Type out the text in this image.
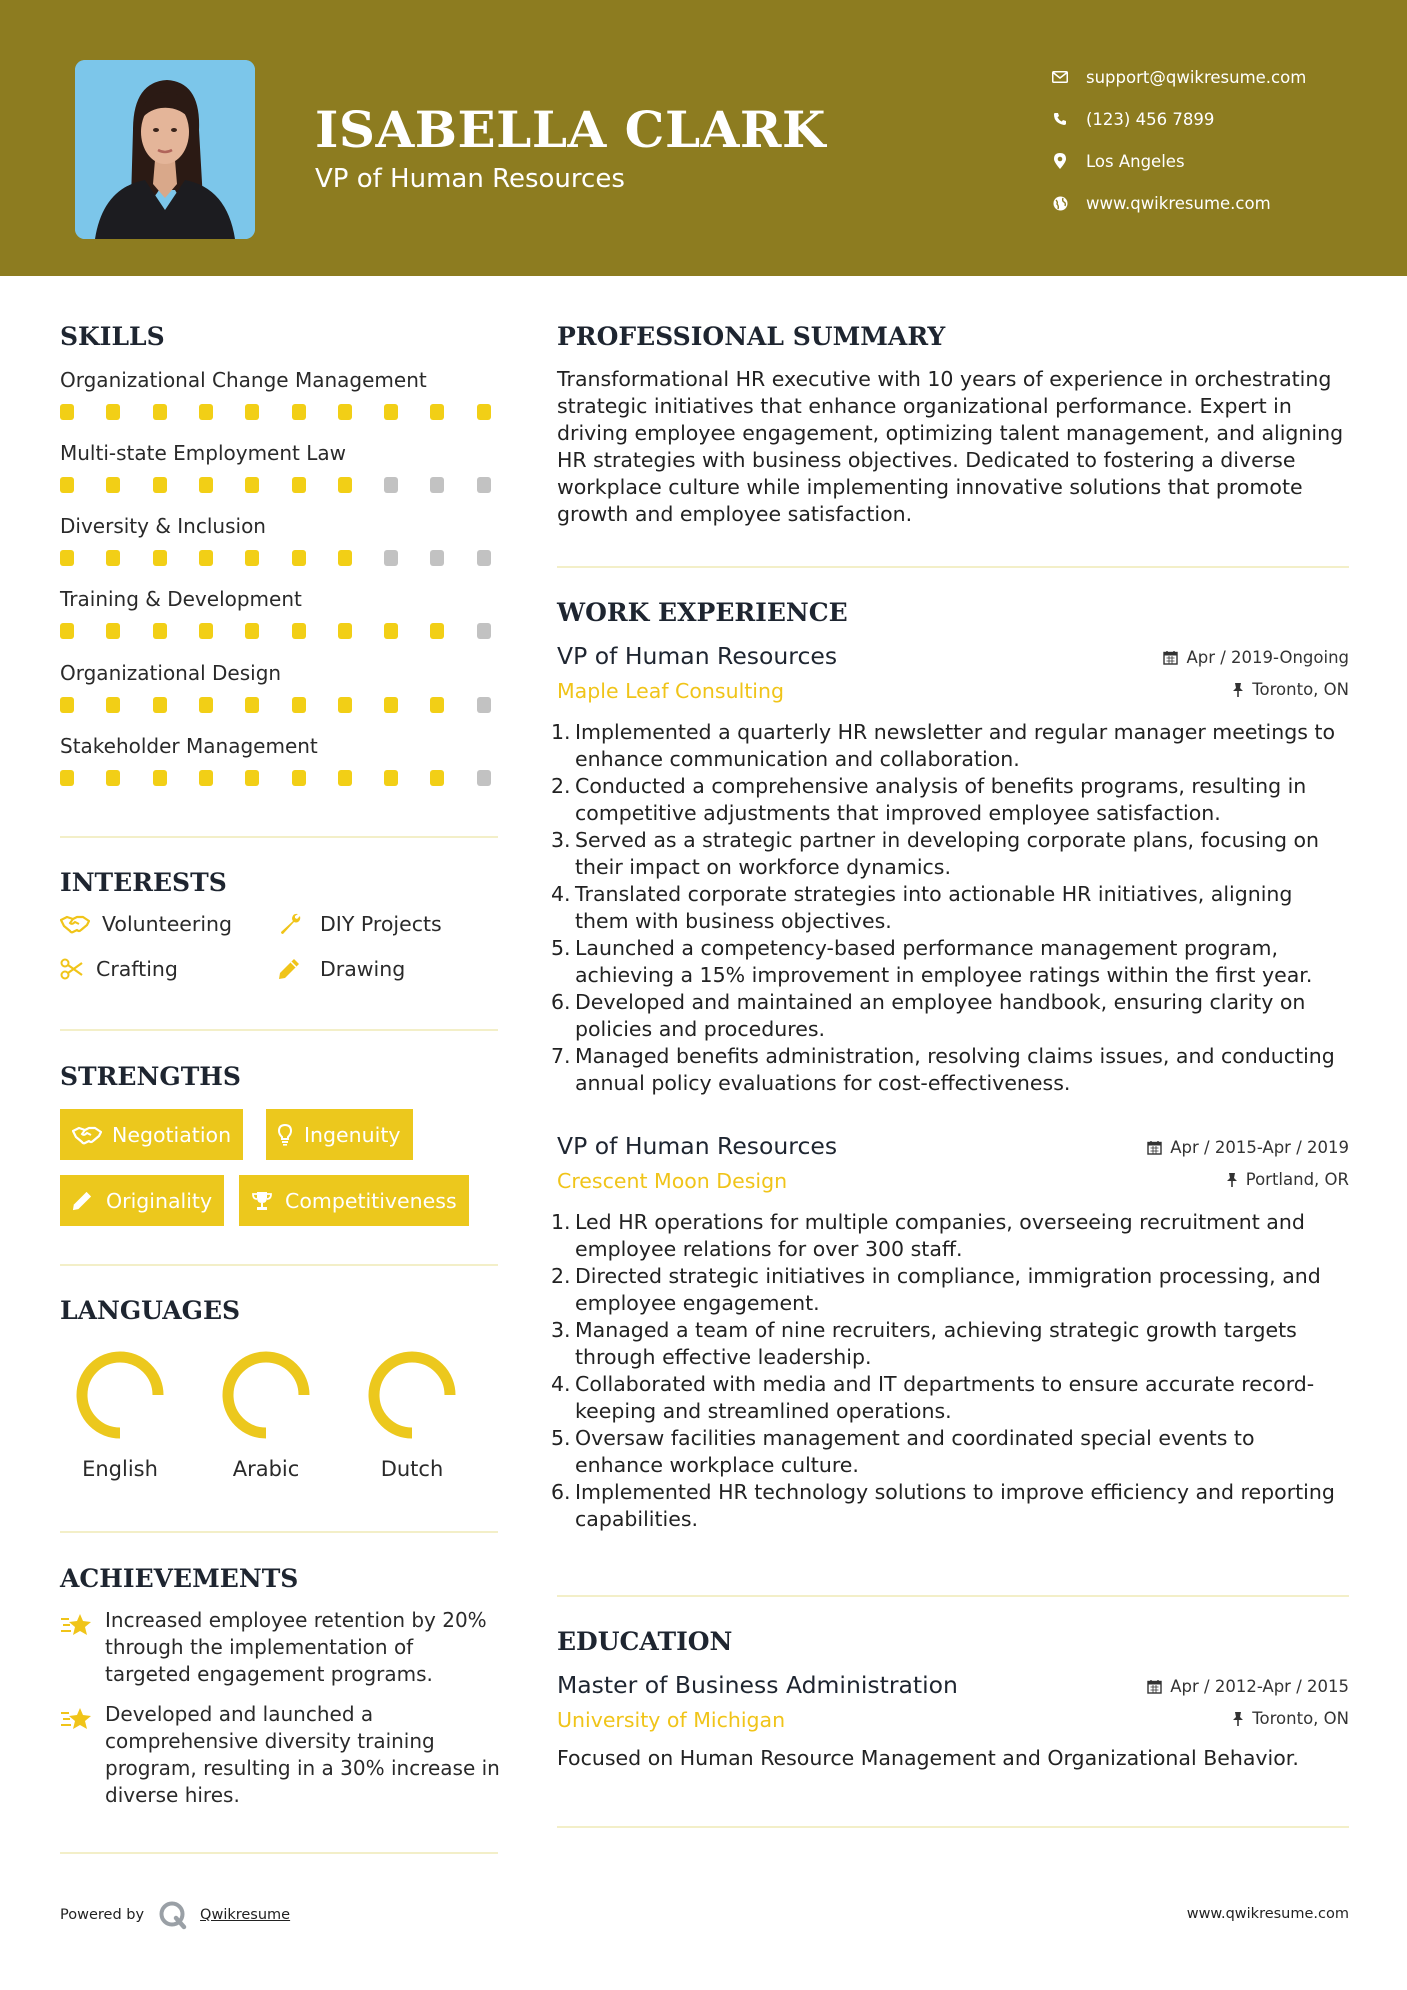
ISABELLA CLARK
VP of Human Resources
support@qwikresume.com
(123) 456 7899
Los Angeles
www.qwikresume.com
SKILLS
Organizational Change Management
Multi-state Employment Law
Diversity & Inclusion
Training & Development
Organizational Design
Stakeholder Management
INTERESTS
Volunteering	DIY Projects
Crafting	Drawing
STRENGTHS
Negotiation	Ingenuity
Originality	Competitiveness
LANGUAGES
English	Arabic	Dutch
ACHIEVEMENTS
Increased employee retention by 20% through the implementation of targeted engagement programs.
Developed and launched a comprehensive diversity training program, resulting in a 30% increase in diverse hires.
PROFESSIONAL SUMMARY
Transformational HR executive with 10 years of experience in orchestrating strategic initiatives that enhance organizational performance. Expert in driving employee engagement, optimizing talent management, and aligning HR strategies with business objectives. Dedicated to fostering a diverse workplace culture while implementing innovative solutions that promote growth and employee satisfaction.
WORK EXPERIENCE
VP of Human Resources
Maple Leaf Consulting
Apr / 2019-Ongoing
Toronto, ON
1. Implemented a quarterly HR newsletter and regular manager meetings to enhance communication and collaboration.
2. Conducted a comprehensive analysis of benefits programs, resulting in competitive adjustments that improved employee satisfaction.
3. Served as a strategic partner in developing corporate plans, focusing on their impact on workforce dynamics.
4. Translated corporate strategies into actionable HR initiatives, aligning them with business objectives.
5. Launched a competency-based performance management program, achieving a 15% improvement in employee ratings within the first year.
6. Developed and maintained an employee handbook, ensuring clarity on policies and procedures.
7. Managed benefits administration, resolving claims issues, and conducting annual policy evaluations for cost-effectiveness.
VP of Human Resources
Crescent Moon Design
Apr / 2015-Apr / 2019
Portland, OR
1. Led HR operations for multiple companies, overseeing recruitment and employee relations for over 300 staff.
2. Directed strategic initiatives in compliance, immigration processing, and employee engagement.
3. Managed a team of nine recruiters, achieving strategic growth targets through effective leadership.
4. Collaborated with media and IT departments to ensure accurate record-keeping and streamlined operations.
5. Oversaw facilities management and coordinated special events to enhance workplace culture.
6. Implemented HR technology solutions to improve efficiency and reporting capabilities.
EDUCATION
Master of Business Administration
University of Michigan
Apr / 2012-Apr / 2015
Toronto, ON
Focused on Human Resource Management and Organizational Behavior.
Powered by	Qwikresume	www.qwikresume.com
